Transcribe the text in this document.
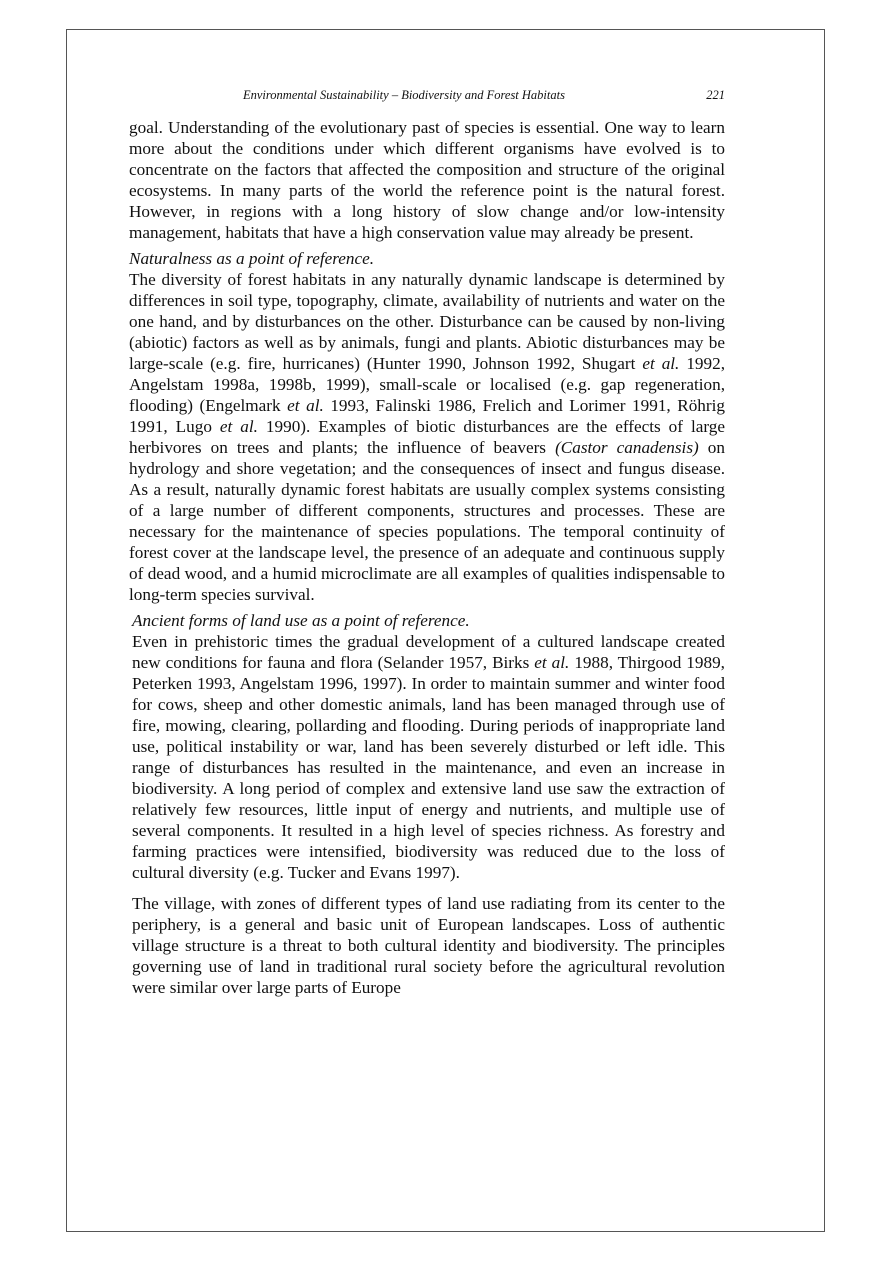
Environmental Sustainability – Biodiversity and Forest Habitats	221

goal. Understanding of the evolutionary past of species is essential. One way to learn more about the conditions under which different organisms have evolved is to concentrate on the factors that affected the composition and structure of the original ecosystems. In many parts of the world the reference point is the natural forest. However, in regions with a long history of slow change and/or low-intensity management, habitats that have a high conservation value may already be present.

Naturalness as a point of reference.

The diversity of forest habitats in any naturally dynamic landscape is determined by differences in soil type, topography, climate, availability of nutrients and water on the one hand, and by disturbances on the other. Disturbance can be caused by non-living (abiotic) factors as well as by animals, fungi and plants. Abiotic disturbances may be large-scale (e.g. fire, hurricanes) (Hunter 1990, Johnson 1992, Shugart et al. 1992, Angelstam 1998a, 1998b, 1999), small-scale or localised (e.g. gap regeneration, flooding) (Engelmark et al. 1993, Falinski 1986, Frelich and Lorimer 1991, Röhrig 1991, Lugo et al. 1990). Examples of biotic disturbances are the effects of large herbivores on trees and plants; the influence of beavers (Castor canadensis) on hydrology and shore vegetation; and the consequences of insect and fungus disease. As a result, naturally dynamic forest habitats are usually complex systems consisting of a large number of different components, structures and processes. These are necessary for the maintenance of species populations. The temporal continuity of forest cover at the landscape level, the presence of an adequate and continuous supply of dead wood, and a humid microclimate are all examples of qualities indispensable to long-term species survival.

Ancient forms of land use as a point of reference.

Even in prehistoric times the gradual development of a cultured landscape created new conditions for fauna and flora (Selander 1957, Birks et al. 1988, Thirgood 1989, Peterken 1993, Angelstam 1996, 1997). In order to maintain summer and winter food for cows, sheep and other domestic animals, land has been managed through use of fire, mowing, clearing, pollarding and flooding. During periods of inappropriate land use, political instability or war, land has been severely disturbed or left idle. This range of disturbances has resulted in the maintenance, and even an increase in biodiversity. A long period of complex and extensive land use saw the extraction of relatively few resources, little input of energy and nutrients, and multiple use of several components. It resulted in a high level of species richness. As forestry and farming practices were intensified, biodiversity was reduced due to the loss of cultural diversity (e.g. Tucker and Evans 1997).

The village, with zones of different types of land use radiating from its center to the periphery, is a general and basic unit of European landscapes. Loss of authentic village structure is a threat to both cultural identity and biodiversity. The principles governing use of land in traditional rural society before the agricultural revolution were similar over large parts of Europe
